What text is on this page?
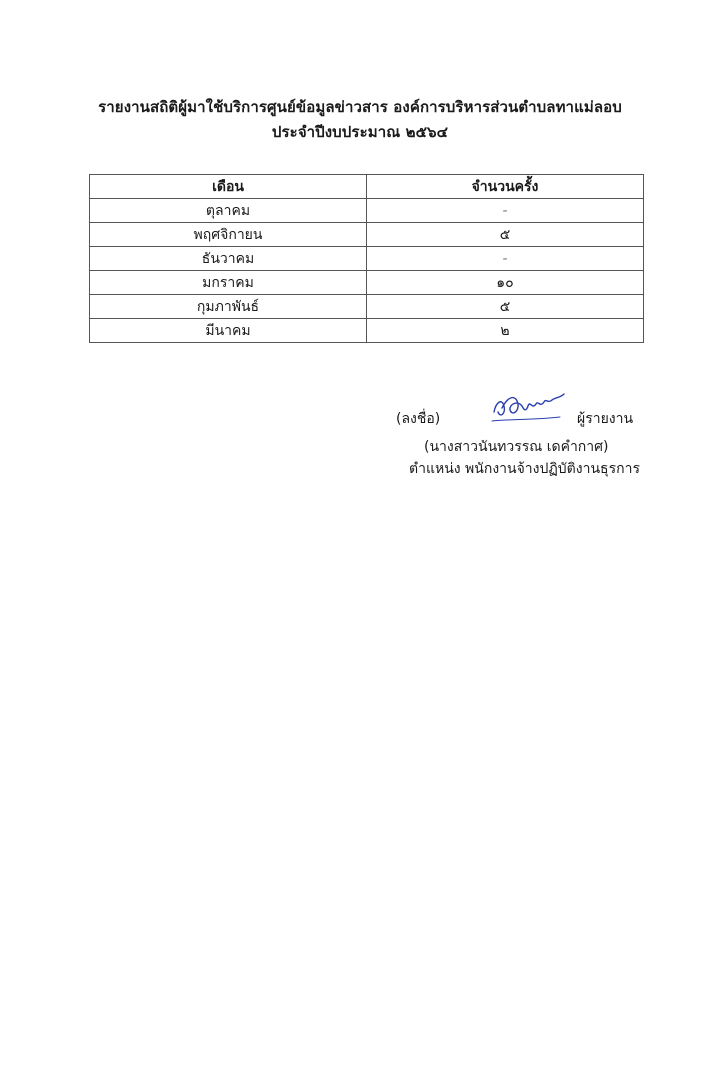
รายงานสถิติผู้มาใช้บริการศูนย์ข้อมูลข่าวสาร องค์การบริหารส่วนตำบลทาแม่ลอบ
ประจำปีงบประมาณ ๒๕๖๔
เดือน	จำนวนครั้ง
ตุลาคม	-
พฤศจิกายน	๕
ธันวาคม	-
มกราคม	๑๐
กุมภาพันธ์	๕
มีนาคม	๒
(ลงชื่อ)	ผู้รายงาน
(นางสาวนันทวรรณ เดคำกาศ)
ตำแหน่ง พนักงานจ้างปฏิบัติงานธุรการ
